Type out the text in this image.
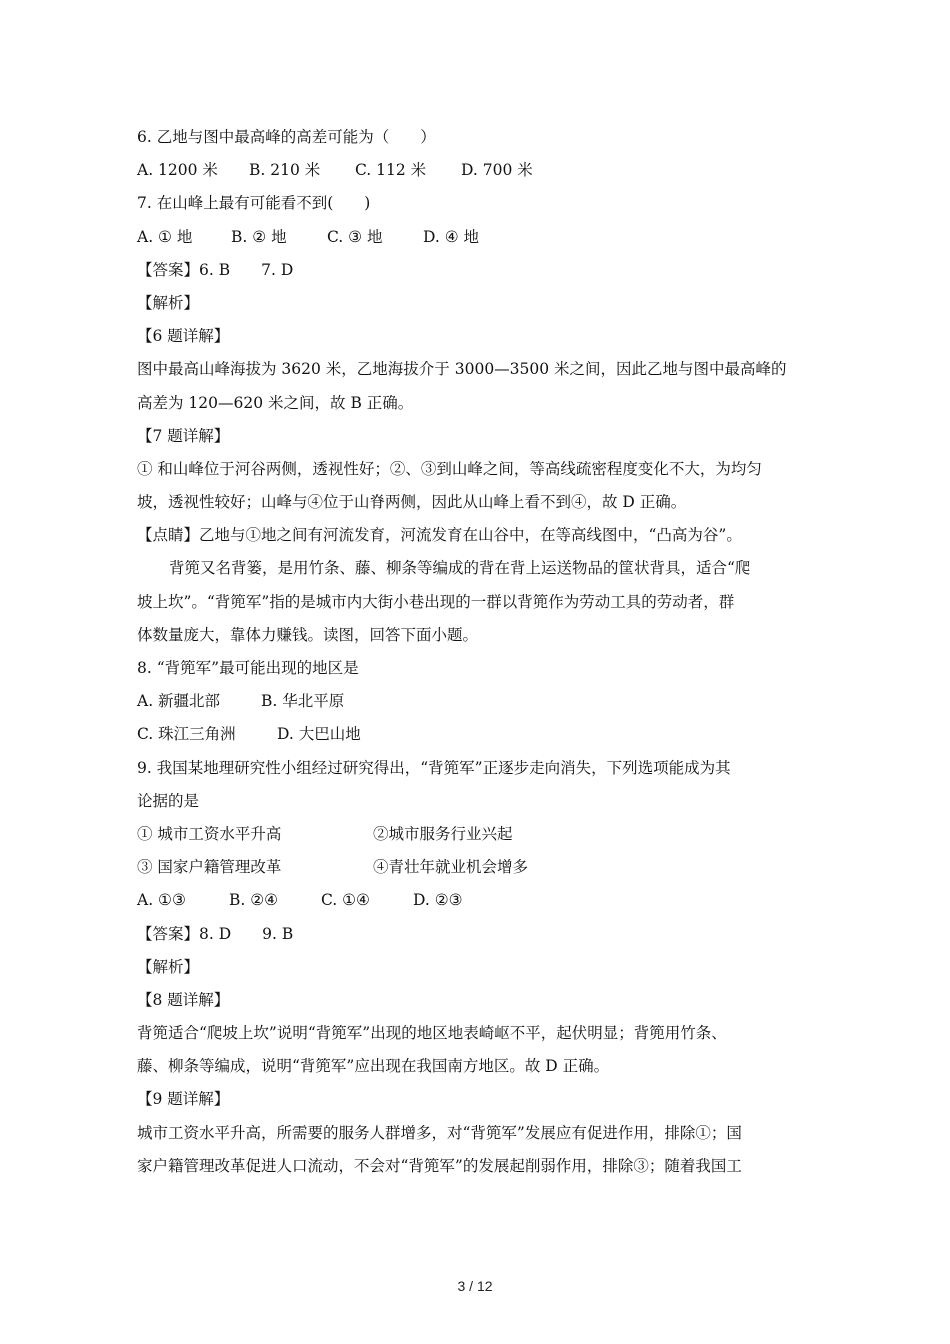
6. 乙地与图中最高峰的高差可能为（　　）
A. 1200 米 B. 210 米 C. 112 米 D. 700 米
7. 在山峰上最有可能看不到(　　)
A. ① 地 B. ② 地	C. ③ 地	D. ④ 地
【答案】6. B　　7. D
【解析】
【6 题详解】
图中最高山峰海拔为 3620 米，乙地海拔介于 3000—3500 米之间，因此乙地与图中最高峰的
高差为 120—620 米之间，故 B 正确。
【7 题详解】
① 和山峰位于河谷两侧，透视性好；②、③到山峰之间，等高线疏密程度变化不大，为均匀
坡，透视性较好；山峰与④位于山脊两侧，因此从山峰上看不到④，故 D 正确。
【点睛】乙地与①地之间有河流发育，河流发育在山谷中，在等高线图中，“凸高为谷”。
背篼又名背篓，是用竹条、藤、柳条等编成的背在背上运送物品的筐状背具，适合“爬
坡上坎”。“背篼军”指的是城市内大街小巷出现的一群以背篼作为劳动工具的劳动者，群
体数量庞大，靠体力赚钱。读图，回答下面小题。
8. “背篼军”最可能出现的地区是
A. 新疆北部	B. 华北平原
C. 珠江三角洲	D. 大巴山地
9. 我国某地理研究性小组经过研究得出，“背篼军”正逐步走向消失，下列选项能成为其
论据的是
① 城市工资水平升高	②城市服务行业兴起
③ 国家户籍管理改革	④青壮年就业机会增多
A. ①③	B. ②④	C. ①④	D. ②③
【答案】8. D　　9. B
【解析】
【8 题详解】
背篼适合“爬坡上坎”说明“背篼军”出现的地区地表崎岖不平，起伏明显；背篼用竹条、
藤、柳条等编成，说明“背篼军”应出现在我国南方地区。故 D 正确。
【9 题详解】
城市工资水平升高，所需要的服务人群增多，对“背篼军”发展应有促进作用，排除①；国
家户籍管理改革促进人口流动，不会对“背篼军”的发展起削弱作用，排除③；随着我国工
3 / 12
